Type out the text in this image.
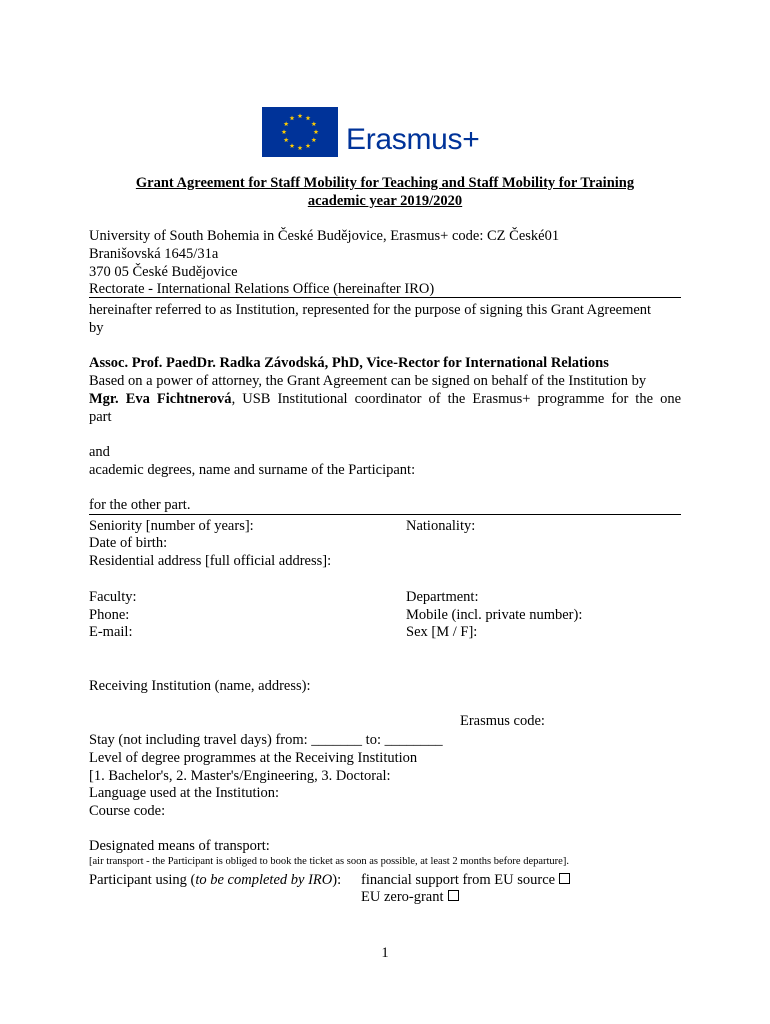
Erasmus+
Grant Agreement for Staff Mobility for Teaching and Staff Mobility for Training
academic year 2019/2020
University of South Bohemia in České Budějovice, Erasmus+ code: CZ České01
Branišovská 1645/31a
370 05 České Budějovice
Rectorate - International Relations Office (hereinafter IRO)
hereinafter referred to as Institution, represented for the purpose of signing this Grant Agreement
by
Assoc. Prof. PaedDr. Radka Závodská, PhD, Vice-Rector for International Relations
Based on a power of attorney, the Grant Agreement can be signed on behalf of the Institution by
Mgr. Eva Fichtnerová, USB Institutional coordinator of the Erasmus+ programme for the one
part
and
academic degrees, name and surname of the Participant:
for the other part.
Seniority [number of years]:	Nationality:
Date of birth:
Residential address [full official address]:
Faculty:	Department:
Phone:	Mobile (incl. private number):
E-mail:	Sex [M / F]:
Receiving Institution (name, address):
Erasmus code:
Stay (not including travel days) from: _______ to: ________
Level of degree programmes at the Receiving Institution
[1. Bachelor's, 2. Master's/Engineering, 3. Doctoral:
Language used at the Institution:
Course code:
Designated means of transport:
[air transport - the Participant is obliged to book the ticket as soon as possible, at least 2 months before departure].
Participant using (to be completed by IRO): financial support from EU source
EU zero-grant
1
